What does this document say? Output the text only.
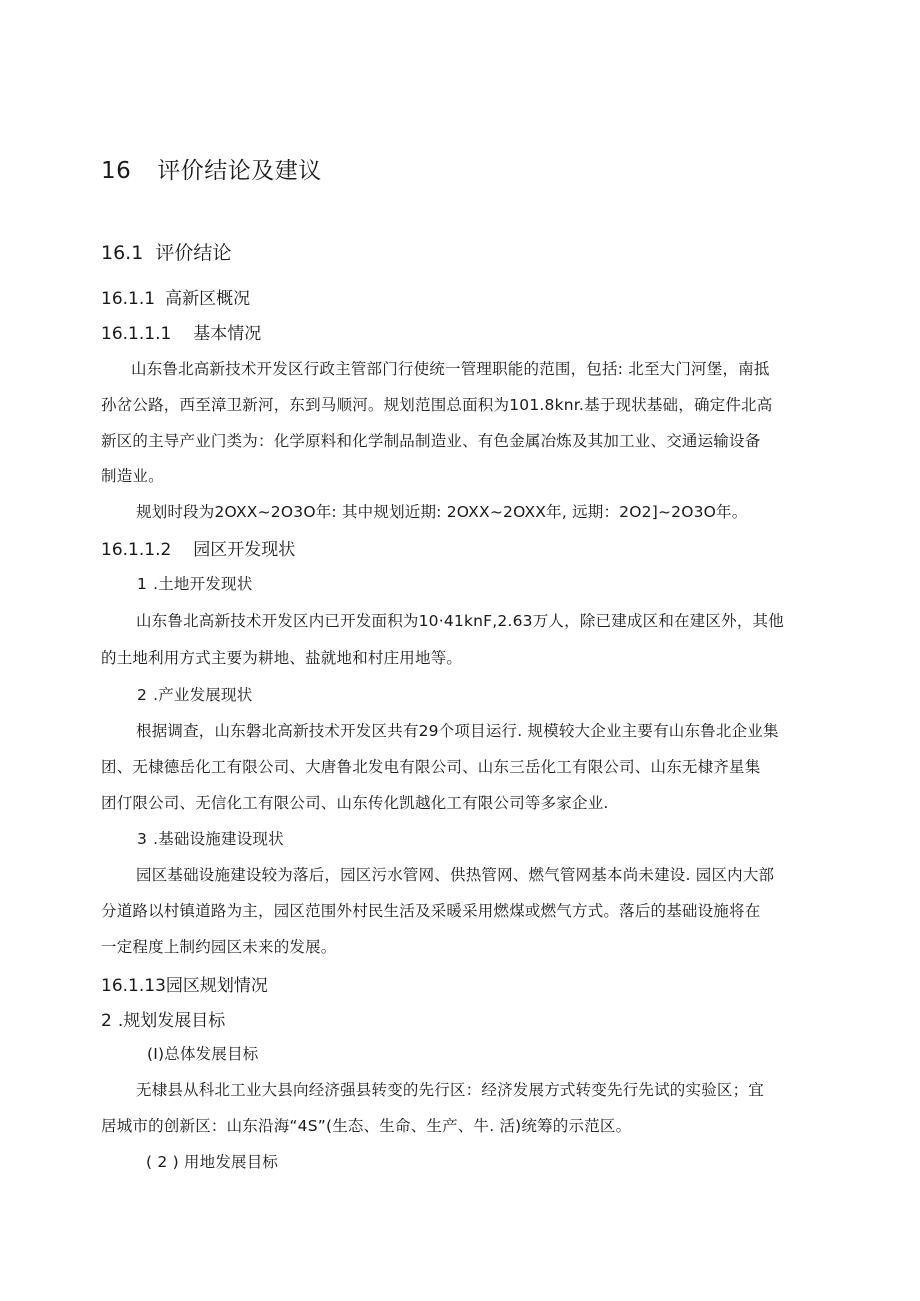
16 评价结论及建议
16.1 评价结论
16.1.1 高新区概况
16.1.1.1 基本情况

山东鲁北高新技术开发区行政主管部门行使统一管理职能的范围，包括: 北至大门河堡，南抵

孙岔公路，西至漳卫新河，东到马顺河。规划范围总面积为101.8knr.基于现状基础，确定件北高

新区的主导产业门类为：化学原料和化学制品制造业、有色金属冶炼及其加工业、交通运输设备

制造业。

规划时段为2OXX~2O3O年: 其中规划近期: 2OXX~2OXX年, 远期：2O2]~2O3O年。

16.1.1.2 园区开发现状
1 .土地开发现状

山东鲁北高新技术开发区内已开发面积为10·41knF,2.63万人，除已建成区和在建区外，其他

的土地利用方式主要为耕地、盐就地和村庄用地等。

2 .产业发展现状

根据调查，山东磐北高新技术开发区共有29个项目运行. 规模较大企业主要有山东鲁北企业集

团、无棣德岳化工有限公司、大唐鲁北发电有限公司、山东三岳化工有限公司、山东无棣齐星集

团仃限公司、无信化工有限公司、山东传化凯越化工有限公司等多家企业.

3 .基础设施建设现状

园区基础设施建设较为落后，园区污水管网、供热管网、燃气管网基本尚未建设. 园区内大部

分道路以村镇道路为主，园区范围外村民生活及采暖采用燃煤或燃气方式。落后的基础设施将在

一定程度上制约园区未来的发展。

16.1.13园区规划情况
2 .规划发展目标
(I)总体发展目标

无棣县从科北工业大县向经济强县转变的先行区：经济发展方式转变先行先试的实验区；宜

居城市的创新区：山东沿海“4S”(生态、生命、生产、牛. 活)统筹的示范区。

( 2 ) 用地发展目标
